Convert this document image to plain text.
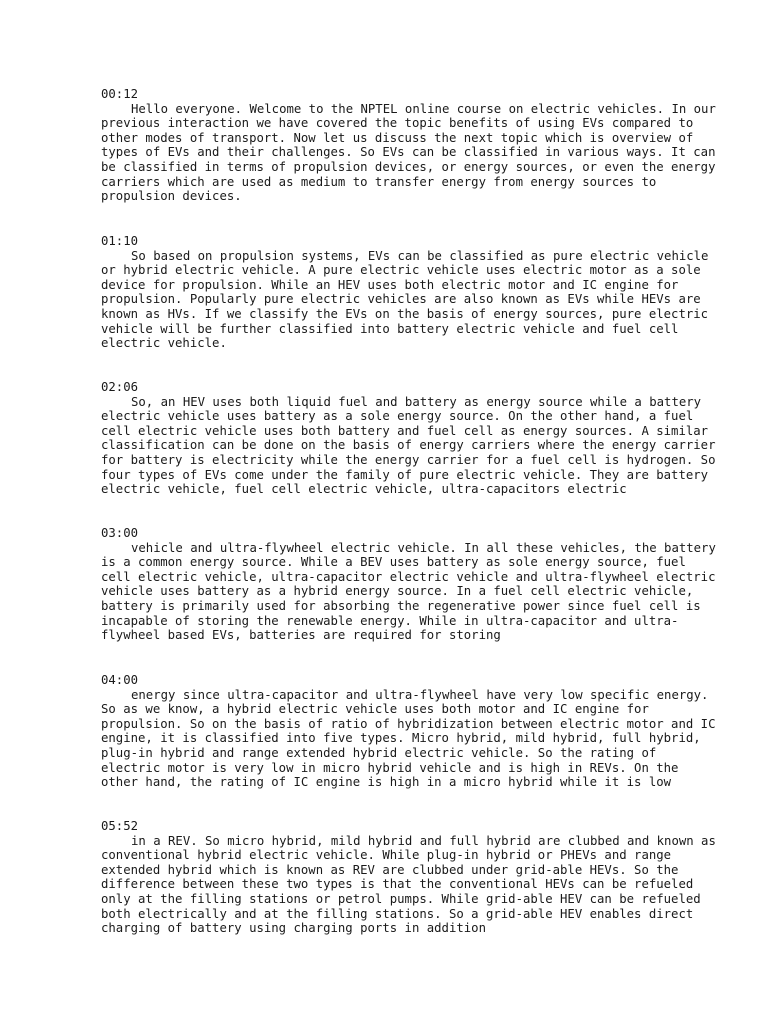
00:12
Hello everyone. Welcome to the NPTEL online course on electric vehicles. In our
previous interaction we have covered the topic benefits of using EVs compared to
other modes of transport. Now let us discuss the next topic which is overview of
types of EVs and their challenges. So EVs can be classified in various ways. It can
be classified in terms of propulsion devices, or energy sources, or even the energy
carriers which are used as medium to transfer energy from energy sources to
propulsion devices.
01:10
So based on propulsion systems, EVs can be classified as pure electric vehicle
or hybrid electric vehicle. A pure electric vehicle uses electric motor as a sole
device for propulsion. While an HEV uses both electric motor and IC engine for
propulsion. Popularly pure electric vehicles are also known as EVs while HEVs are
known as HVs. If we classify the EVs on the basis of energy sources, pure electric
vehicle will be further classified into battery electric vehicle and fuel cell
electric vehicle.
02:06
So, an HEV uses both liquid fuel and battery as energy source while a battery
electric vehicle uses battery as a sole energy source. On the other hand, a fuel
cell electric vehicle uses both battery and fuel cell as energy sources. A similar
classification can be done on the basis of energy carriers where the energy carrier
for battery is electricity while the energy carrier for a fuel cell is hydrogen. So
four types of EVs come under the family of pure electric vehicle. They are battery
electric vehicle, fuel cell electric vehicle, ultra-capacitors electric
03:00
vehicle and ultra-flywheel electric vehicle. In all these vehicles, the battery
is a common energy source. While a BEV uses battery as sole energy source, fuel
cell electric vehicle, ultra-capacitor electric vehicle and ultra-flywheel electric
vehicle uses battery as a hybrid energy source. In a fuel cell electric vehicle,
battery is primarily used for absorbing the regenerative power since fuel cell is
incapable of storing the renewable energy. While in ultra-capacitor and ultra-
flywheel based EVs, batteries are required for storing
04:00
energy since ultra-capacitor and ultra-flywheel have very low specific energy.
So as we know, a hybrid electric vehicle uses both motor and IC engine for
propulsion. So on the basis of ratio of hybridization between electric motor and IC
engine, it is classified into five types. Micro hybrid, mild hybrid, full hybrid,
plug-in hybrid and range extended hybrid electric vehicle. So the rating of
electric motor is very low in micro hybrid vehicle and is high in REVs. On the
other hand, the rating of IC engine is high in a micro hybrid while it is low
05:52
in a REV. So micro hybrid, mild hybrid and full hybrid are clubbed and known as
conventional hybrid electric vehicle. While plug-in hybrid or PHEVs and range
extended hybrid which is known as REV are clubbed under grid-able HEVs. So the
difference between these two types is that the conventional HEVs can be refueled
only at the filling stations or petrol pumps. While grid-able HEV can be refueled
both electrically and at the filling stations. So a grid-able HEV enables direct
charging of battery using charging ports in addition
